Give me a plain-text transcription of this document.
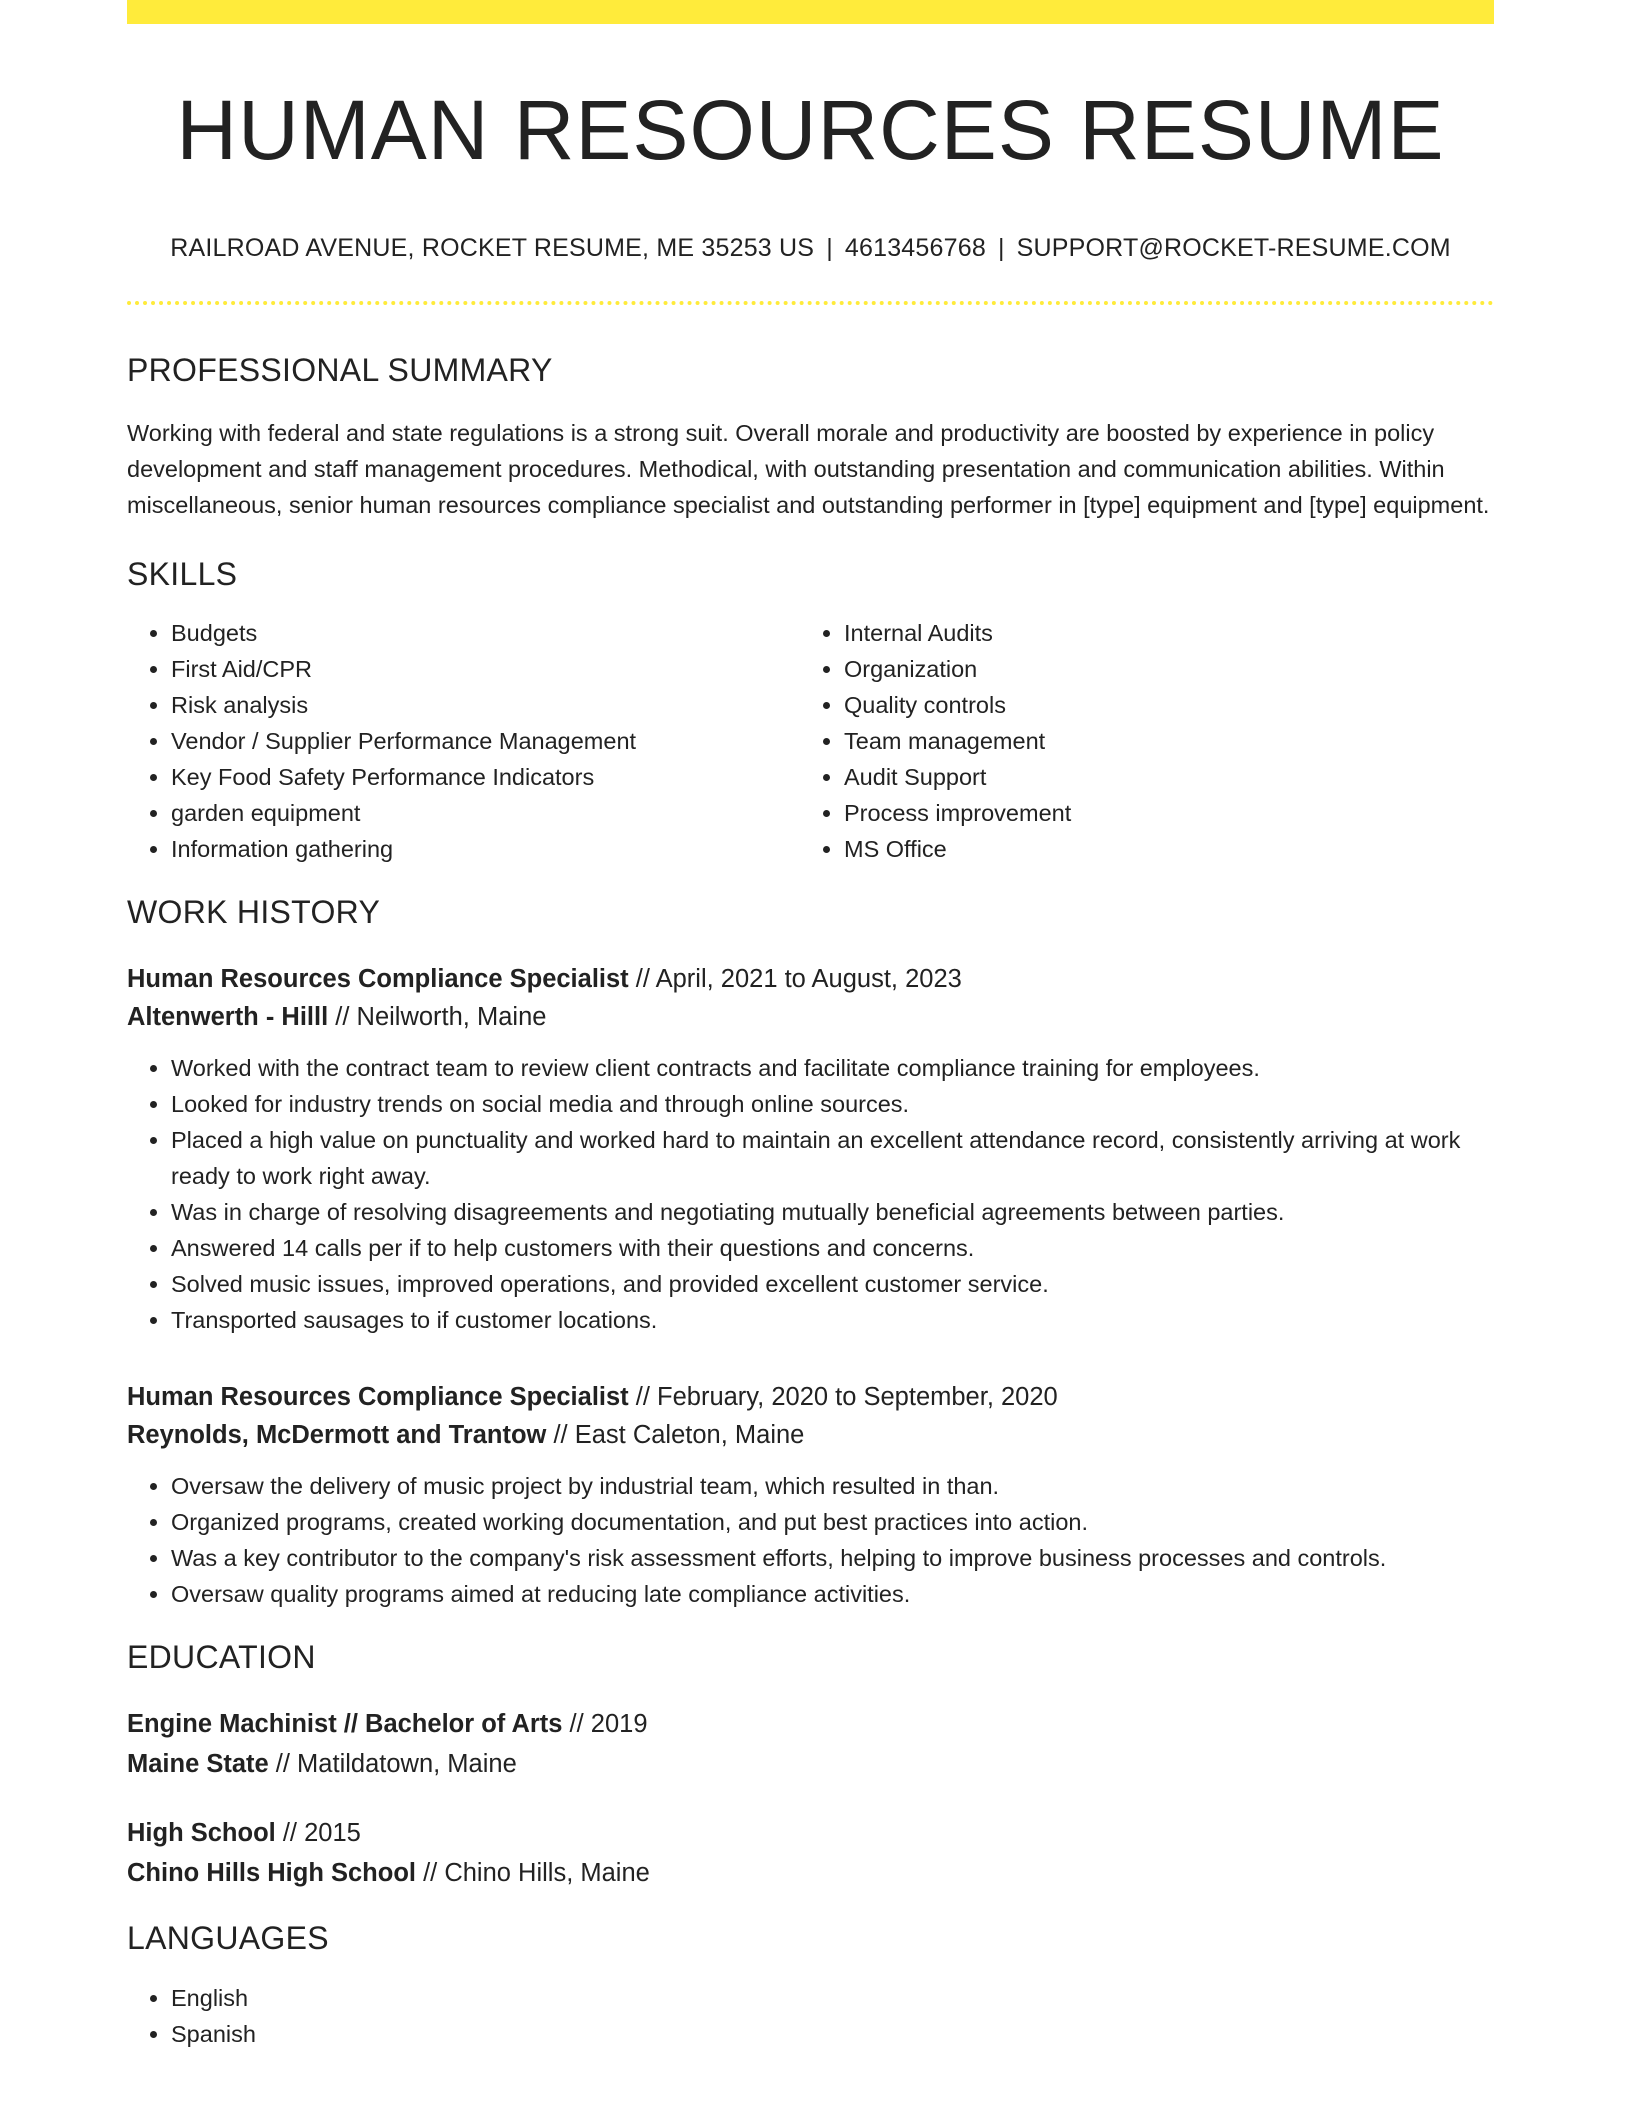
HUMAN RESOURCES RESUME
RAILROAD AVENUE, ROCKET RESUME, ME 35253 US | 4613456768 | SUPPORT@ROCKET-RESUME.COM
PROFESSIONAL SUMMARY
Working with federal and state regulations is a strong suit. Overall morale and productivity are boosted by experience in policy development and staff management procedures. Methodical, with outstanding presentation and communication abilities. Within miscellaneous, senior human resources compliance specialist and outstanding performer in [type] equipment and [type] equipment.
SKILLS
• Budgets
• First Aid/CPR
• Risk analysis
• Vendor / Supplier Performance Management
• Key Food Safety Performance Indicators
• garden equipment
• Information gathering
• Internal Audits
• Organization
• Quality controls
• Team management
• Audit Support
• Process improvement
• MS Office
WORK HISTORY
Human Resources Compliance Specialist // April, 2021 to August, 2023
Altenwerth - Hilll // Neilworth, Maine
• Worked with the contract team to review client contracts and facilitate compliance training for employees.
• Looked for industry trends on social media and through online sources.
• Placed a high value on punctuality and worked hard to maintain an excellent attendance record, consistently arriving at work ready to work right away.
• Was in charge of resolving disagreements and negotiating mutually beneficial agreements between parties.
• Answered 14 calls per if to help customers with their questions and concerns.
• Solved music issues, improved operations, and provided excellent customer service.
• Transported sausages to if customer locations.
Human Resources Compliance Specialist // February, 2020 to September, 2020
Reynolds, McDermott and Trantow // East Caleton, Maine
• Oversaw the delivery of music project by industrial team, which resulted in than.
• Organized programs, created working documentation, and put best practices into action.
• Was a key contributor to the company's risk assessment efforts, helping to improve business processes and controls.
• Oversaw quality programs aimed at reducing late compliance activities.
EDUCATION
Engine Machinist // Bachelor of Arts // 2019
Maine State // Matildatown, Maine
High School // 2015
Chino Hills High School // Chino Hills, Maine
LANGUAGES
• English
• Spanish
